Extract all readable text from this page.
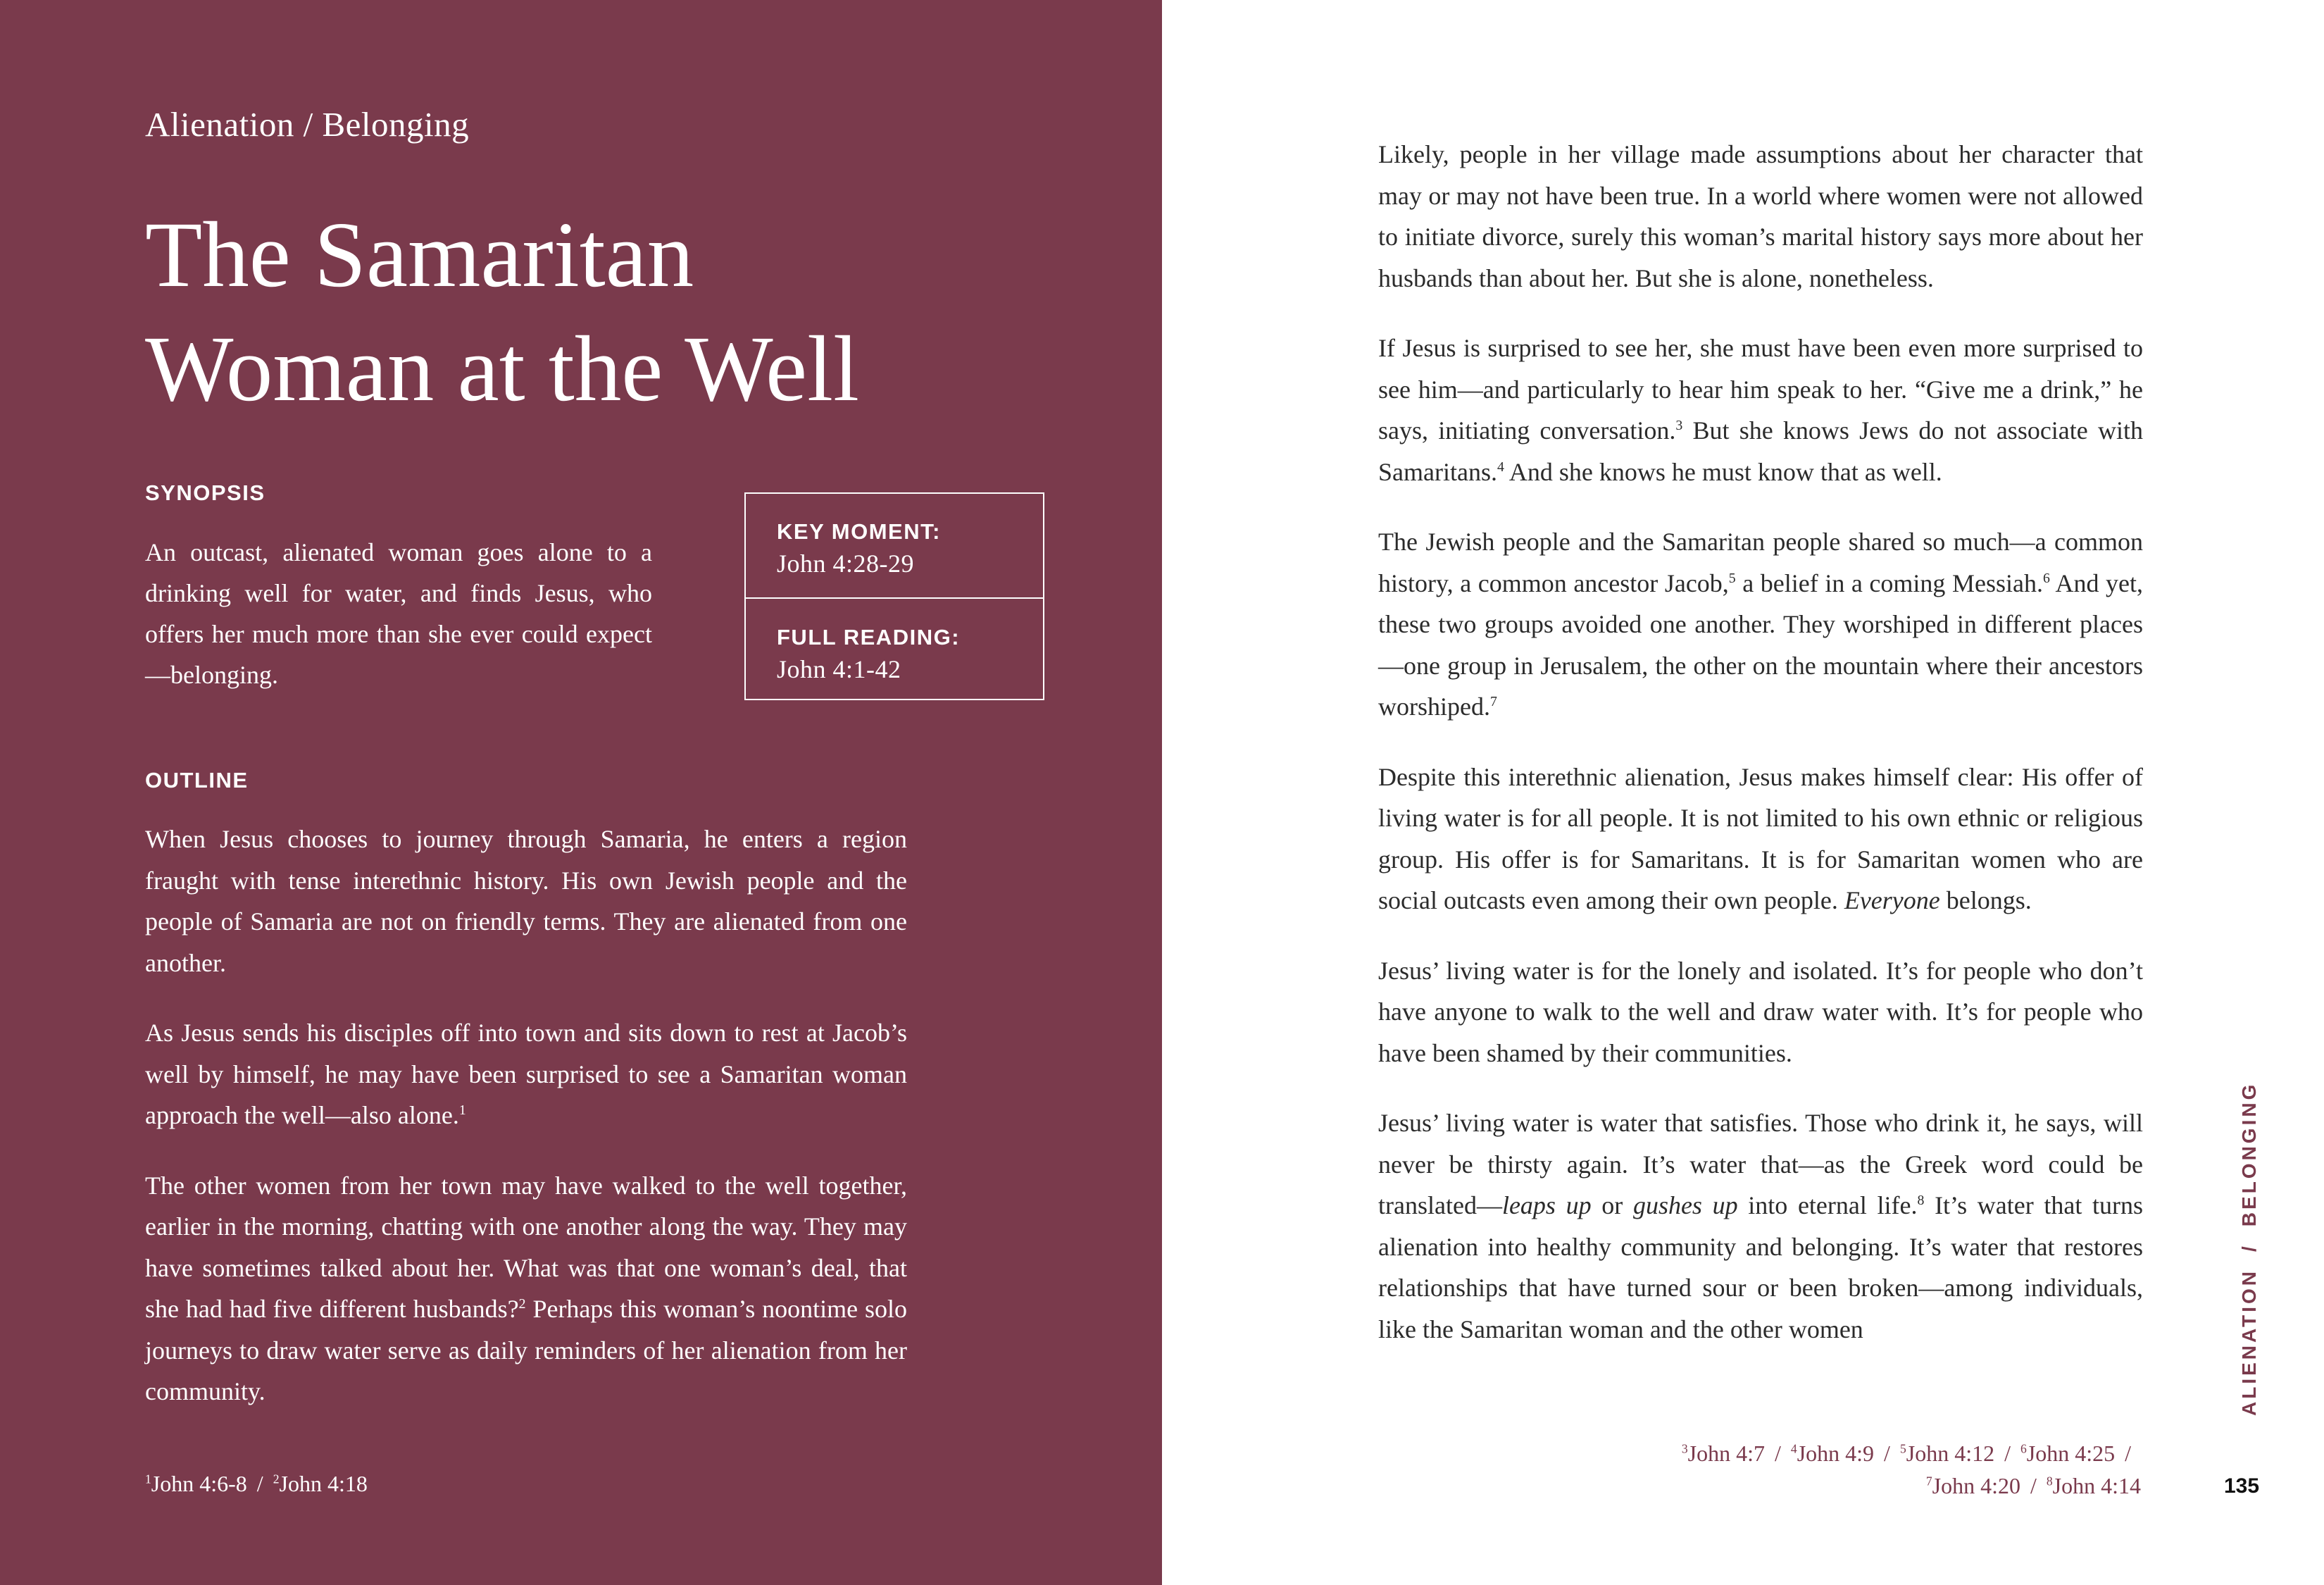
Alienation / Belonging
The Samaritan
Woman at the Well
SYNOPSIS

An outcast, alienated woman goes alone to a drinking well for water, and finds Jesus, who offers her much more than she ever could expect—belonging.

KEY MOMENT:
John 4:28-29
FULL READING:
John 4:1-42
OUTLINE

When Jesus chooses to journey through Samaria, he enters a region fraught with tense interethnic history. His own Jewish people and the people of Samaria are not on friendly terms. They are alienated from one another.

As Jesus sends his disciples off into town and sits down to rest at Jacob’s well by himself, he may have been surprised to see a Samaritan woman approach the well—also alone.$^1$

The other women from her town may have walked to the well together, earlier in the morning, chatting with one another along the way. They may have sometimes talked about her. What was that one woman’s deal, that she had had five different husbands?$^2$ Perhaps this woman’s noontime solo journeys to draw water serve as daily reminders of her alienation from her community.

$^1$John 4:6-8 / $^2$John 4:18

Likely, people in her village made assumptions about her character that may or may not have been true. In a world where women were not allowed to initiate divorce, surely this woman’s marital history says more about her husbands than about her. But she is alone, nonetheless.

If Jesus is surprised to see her, she must have been even more surprised to see him—and particularly to hear him speak to her. “Give me a drink,” he says, initiating conversation.$^3$ But she knows Jews do not associate with Samaritans.$^4$ And she knows he must know that as well.

The Jewish people and the Samaritan people shared so much—a common history, a common ancestor Jacob,$^5$ a belief in a coming Messiah.$^6$ And yet, these two groups avoided one another. They worshiped in different places—one group in Jerusalem, the other on the mountain where their ancestors worshiped.$^7$

Despite this interethnic alienation, Jesus makes himself clear: His offer of living water is for all people. It is not limited to his own ethnic or religious group. His offer is for Samaritans. It is for Samaritan women who are social outcasts even among their own people. Everyone belongs.

Jesus’ living water is for the lonely and isolated. It’s for people who don’t have anyone to walk to the well and draw water with. It’s for people who have been shamed by their communities.

Jesus’ living water is water that satisfies. Those who drink it, he says, will never be thirsty again. It’s water that—as the Greek word could be translated—leaps up or gushes up into eternal life.$^8$ It’s water that turns alienation into healthy community and belonging. It’s water that restores relationships that have turned sour or been broken—among individuals, like the Samaritan woman and the other women

$^3$John 4:7 / $^4$John 4:9 / $^5$John 4:12 / $^6$John 4:25 /
$^7$John 4:20 / $^8$John 4:14
ALIENATION/BELONGING
135
